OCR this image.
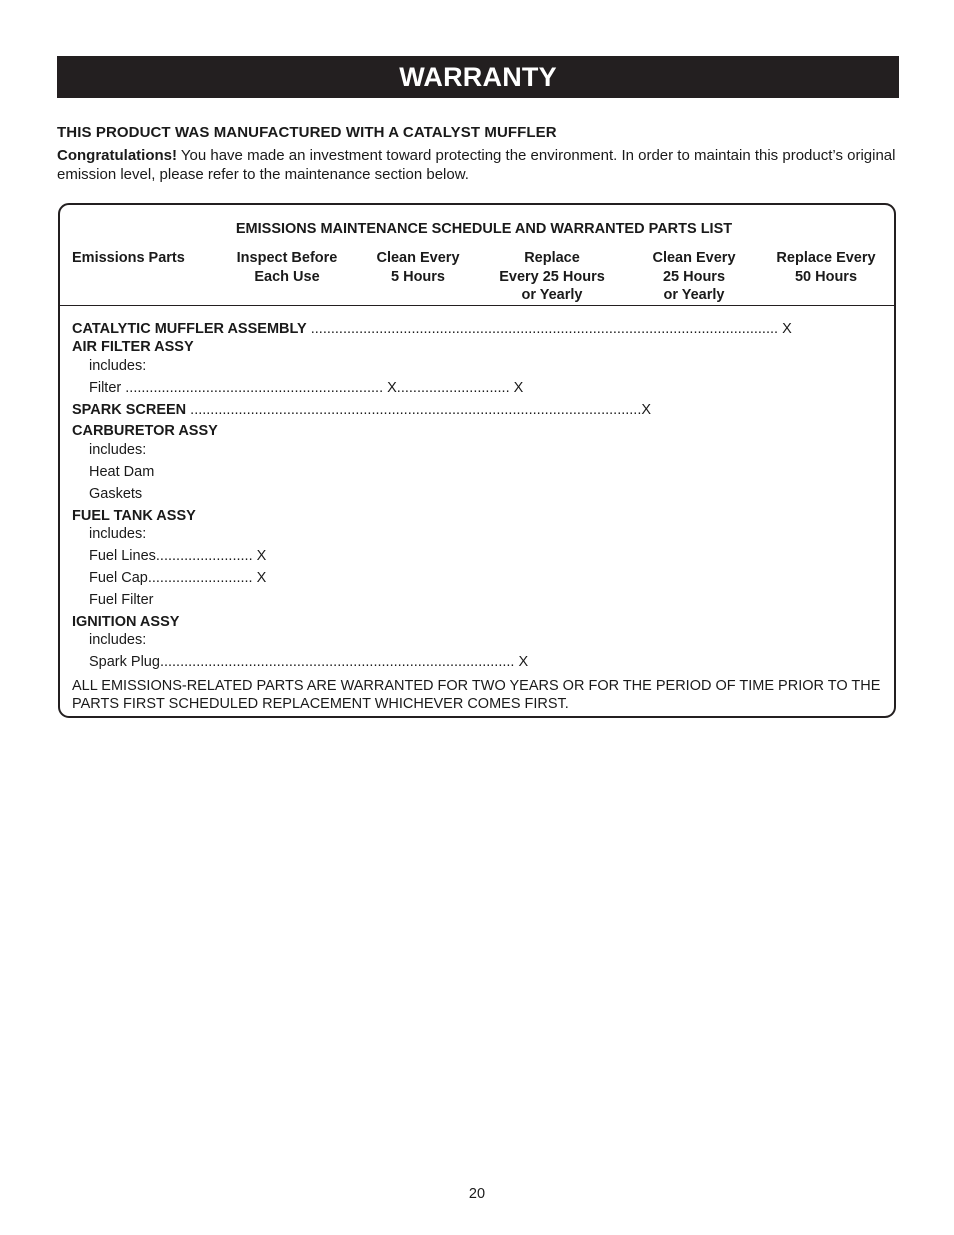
WARRANTY
THIS PRODUCT WAS MANUFACTURED WITH A CATALYST MUFFLER
Congratulations! You have made an investment toward protecting the environment. In order to maintain this product’s original emission level, please refer to the maintenance section below.
EMISSIONS MAINTENANCE SCHEDULE AND WARRANTED PARTS LIST
Emissions Parts	Inspect Before
Each Use
Clean Every
5 Hours
Replace
Every 25 Hours
or Yearly
Clean Every
25 Hours
or Yearly
Replace Every
50 Hours
CATALYTIC MUFFLER ASSEMBLY .................................................................................................................... X
AIR FILTER ASSY
includes:
Filter ................................................................ X............................ X
SPARK SCREEN ................................................................................................................X
CARBURETOR ASSY
includes:
Heat Dam
Gaskets
FUEL TANK ASSY
includes:
Fuel Lines........................ X
Fuel Cap.......................... X
Fuel Filter
IGNITION ASSY
includes:
Spark Plug........................................................................................ X
ALL EMISSIONS-RELATED PARTS ARE WARRANTED FOR TWO YEARS OR FOR THE PERIOD OF TIME PRIOR TO THE PARTS FIRST SCHEDULED REPLACEMENT WHICHEVER COMES FIRST.
20
